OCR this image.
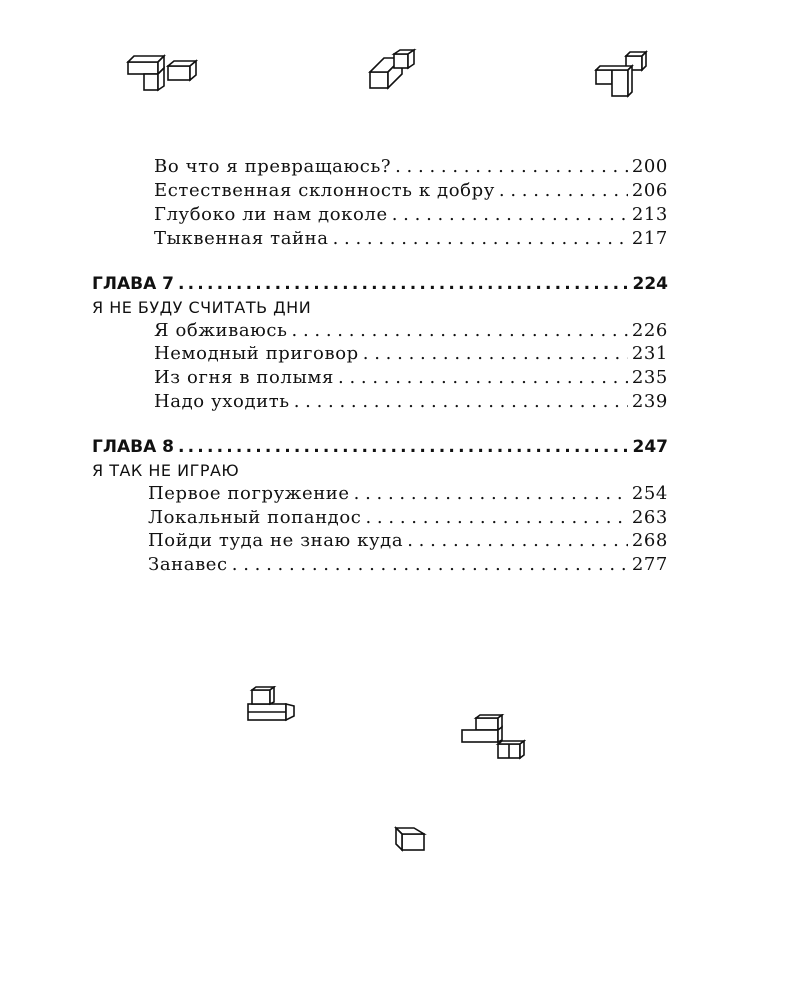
Во что я превращаюсь? . . .	200
Естественная склонность к добру . . .	206
Глубоко ли нам доколе . . .	213
Тыквенная тайна . . .	217
ГЛАВА 7 .....	224
Я НЕ БУДУ СЧИТАТЬ ДНИ
Я обживаюсь . . .	226
Немодный приговор . . .	231
Из огня в полымя . . .	235
Надо уходить . . .	239
ГЛАВА 8 .....	247
Я ТАК НЕ ИГРАЮ
Первое погружение . . .	254
Локальный попандос . . .	263
Пойди туда не знаю куда . . .	268
Занавес . . .	277
